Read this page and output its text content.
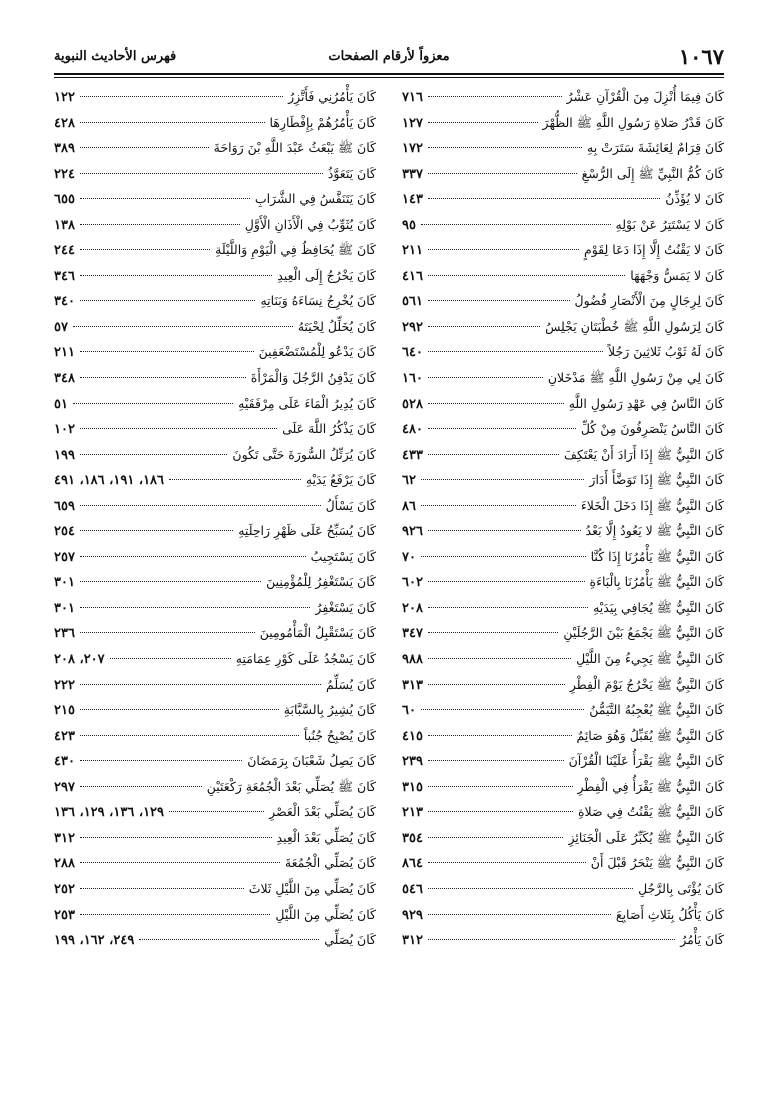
١٠٦٧
معزواً لأرقام الصفحات
فهرس الأحاديث النبوية
كَانَ فِيمَا أُنْزِلَ مِنَ الْقُرْآنِ عَشْرُ
٧١٦
كَانَ قَدْرُ صَلاةِ رَسُولِ اللَّهِ ﷺ الظُّهْرَ
١٢٧
كَانَ قِرَامٌ لِعَائِشَةَ سَتَرَتْ بِهِ
١٧٢
كَانَ كُمُّ النَّبِيِّ ﷺ إِلَى الرُّسْغِ
٣٣٧
كَانَ لا يُؤَذِّنُ
١٤٣
كَانَ لا يَسْتَتِرُ عَنْ بَوْلِهِ
٩٥
كَانَ لا يَقْنُتُ إِلَّا إِذَا دَعَا لِقَوْمٍ
٢١١
كَانَ لا يَمَسُّ وَجْهَهَا
٤١٦
كَانَ لِرِجَالٍ مِنَ الْأَنْصَارِ فُضُولُ
٥٦١
كَانَ لِرَسُولِ اللَّهِ ﷺ خُطْبَتَانِ يَجْلِسُ
٢٩٢
كَانَ لَهُ ثَوْبُ ثَلاثِينَ رَجُلاً
٦٤٠
كَانَ لِي مِنْ رَسُولِ اللَّهِ ﷺ مَدْخَلانِ
١٦٠
كَانَ النَّاسُ فِي عَهْدِ رَسُولِ اللَّهِ
٥٢٨
كَانَ النَّاسُ يَنْصَرِفُونَ مِنْ كُلِّ
٤٨٠
كَانَ النَّبِيُّ ﷺ إِذَا أَرَادَ أَنْ يَعْتَكِفَ
٤٣٣
كَانَ النَّبِيُّ ﷺ إِذَا تَوَضَّأَ أَدَارَ
٦٢
كَانَ النَّبِيُّ ﷺ إِذَا دَخَلَ الْخَلاءَ
٨٦
كَانَ النَّبِيُّ ﷺ لا يَعُودُ إِلَّا بَعْدُ
٩٢٦
كَانَ النَّبِيُّ ﷺ يَأْمُرُنَا إِذَا كُنَّا
٧٠
كَانَ النَّبِيُّ ﷺ يَأْمُرُنَا بِالْبَاءَةِ
٦٠٢
كَانَ النَّبِيُّ ﷺ يُجَافِي بِيَدَيْهِ
٢٠٨
كَانَ النَّبِيُّ ﷺ يَجْمَعُ بَيْنَ الرَّجُلَيْنِ
٣٤٧
كَانَ النَّبِيُّ ﷺ يَجِيءُ مِنَ اللَّيْلِ
٩٨٨
كَانَ النَّبِيُّ ﷺ يَخْرُجُ يَوْمَ الْفِطْرِ
٣١٣
كَانَ النَّبِيُّ ﷺ يُعْجِبُهُ التَّيَمُّنُ
٦٠
كَانَ النَّبِيُّ ﷺ يُقَبِّلُ وَهُوَ صَائِمٌ
٤١٥
كَانَ النَّبِيُّ ﷺ يَقْرَأُ عَلَيْنَا الْقُرْآنَ
٢٣٩
كَانَ النَّبِيُّ ﷺ يَقْرَأُ فِي الْفِطْرِ
٣١٥
كَانَ النَّبِيُّ ﷺ يَقْنُتُ فِي صَلاةِ
٢١٣
كَانَ النَّبِيُّ ﷺ يُكَبِّرُ عَلَى الْجَنَائِزِ
٣٥٤
كَانَ النَّبِيُّ ﷺ يَنْحَرُ قَبْلَ أَنْ
٨٦٤
كَانَ يُؤْتَى بِالرَّجُلِ
٥٤٦
كَانَ يَأْكُلُ بِثَلاثِ أَصَابِعَ
٩٢٩
كَانَ يَأْمُرُ
٣١٢
كَانَ يَأْمُرُنِي فَأَتَّزِرُ
١٢٢
كَانَ يَأْمُرُهُمْ بِإِفْطَارِهَا
٤٢٨
كَانَ ﷺ يَبْعَثُ عَبْدَ اللَّهِ بْنَ رَوَاحَةَ
٣٨٩
كَانَ يَتَعَوَّذُ
٢٢٤
كَانَ يَتَنَفَّسُ فِي الشَّرَابِ
٦٥٥
كَانَ يُثَوِّبُ فِي الْأَذَانِ الْأَوَّلِ
١٣٨
كَانَ ﷺ يُحَافِظُ فِي الْيَوْمِ وَاللَّيْلَةِ
٢٤٤
كَانَ يَخْرُجُ إِلَى الْعِيدِ
٣٤٦
كَانَ يُخْرِجُ نِسَاءَهُ وَبَنَاتِهِ
٣٤٠
كَانَ يُخَلِّلُ لِحْيَتَهُ
٥٧
كَانَ يَدْعُو لِلْمُسْتَضْعَفِينَ
٢١١
كَانَ يَدْفِنُ الرَّجُلَ وَالْمَرْأَةَ
٣٤٨
كَانَ يُدِيرُ الْمَاءَ عَلَى مِرْفَقَيْهِ
٥١
كَانَ يَذْكُرُ اللَّهَ عَلَى
١٠٢
كَانَ يُرَتِّلُ السُّورَةَ حَتَّى تَكُونَ
١٩٩
كَانَ يَرْفَعُ يَدَيْهِ
١٨٦، ١٩١، ١٨٦، ٤٩١
كَانَ يَسْأَلُ
٦٥٩
كَانَ يُسَبِّحُ عَلَى ظَهْرِ رَاحِلَتِهِ
٢٥٤
كَانَ يَسْتَجِيبُ
٢٥٧
كَانَ يَسْتَغْفِرُ لِلْمُؤْمِنِينَ
٣٠١
كَانَ يَسْتَغْفِرُ
٣٠١
كَانَ يَسْتَقْبِلُ الْمَأْمُومِينَ
٢٣٦
كَانَ يَسْجُدُ عَلَى كَوْرِ عِمَامَتِهِ
٢٠٧، ٢٠٨
كَانَ يُسَلِّمُ
٢٢٢
كَانَ يُشِيرُ بِالسَّبَّابَةِ
٢١٥
كَانَ يُصْبِحُ جُنُباً
٤٢٣
كَانَ يَصِلُ شَعْبَانَ بِرَمَضَانَ
٤٣٠
كَانَ ﷺ يُصَلِّي بَعْدَ الْجُمُعَةِ رَكْعَتَيْنِ
٢٩٧
كَانَ يُصَلِّي بَعْدَ الْعَصْرِ
١٢٩، ١٣٦، ١٢٩، ١٣٦
كَانَ يُصَلِّي بَعْدَ الْعِيدِ
٣١٢
كَانَ يُصَلِّي الْجُمُعَةَ
٢٨٨
كَانَ يُصَلِّي مِنَ اللَّيْلِ ثَلاثَ
٢٥٢
كَانَ يُصَلِّي مِنَ اللَّيْلِ
٢٥٣
كَانَ يُصَلِّي
٢٤٩، ١٦٢، ١٩٩
